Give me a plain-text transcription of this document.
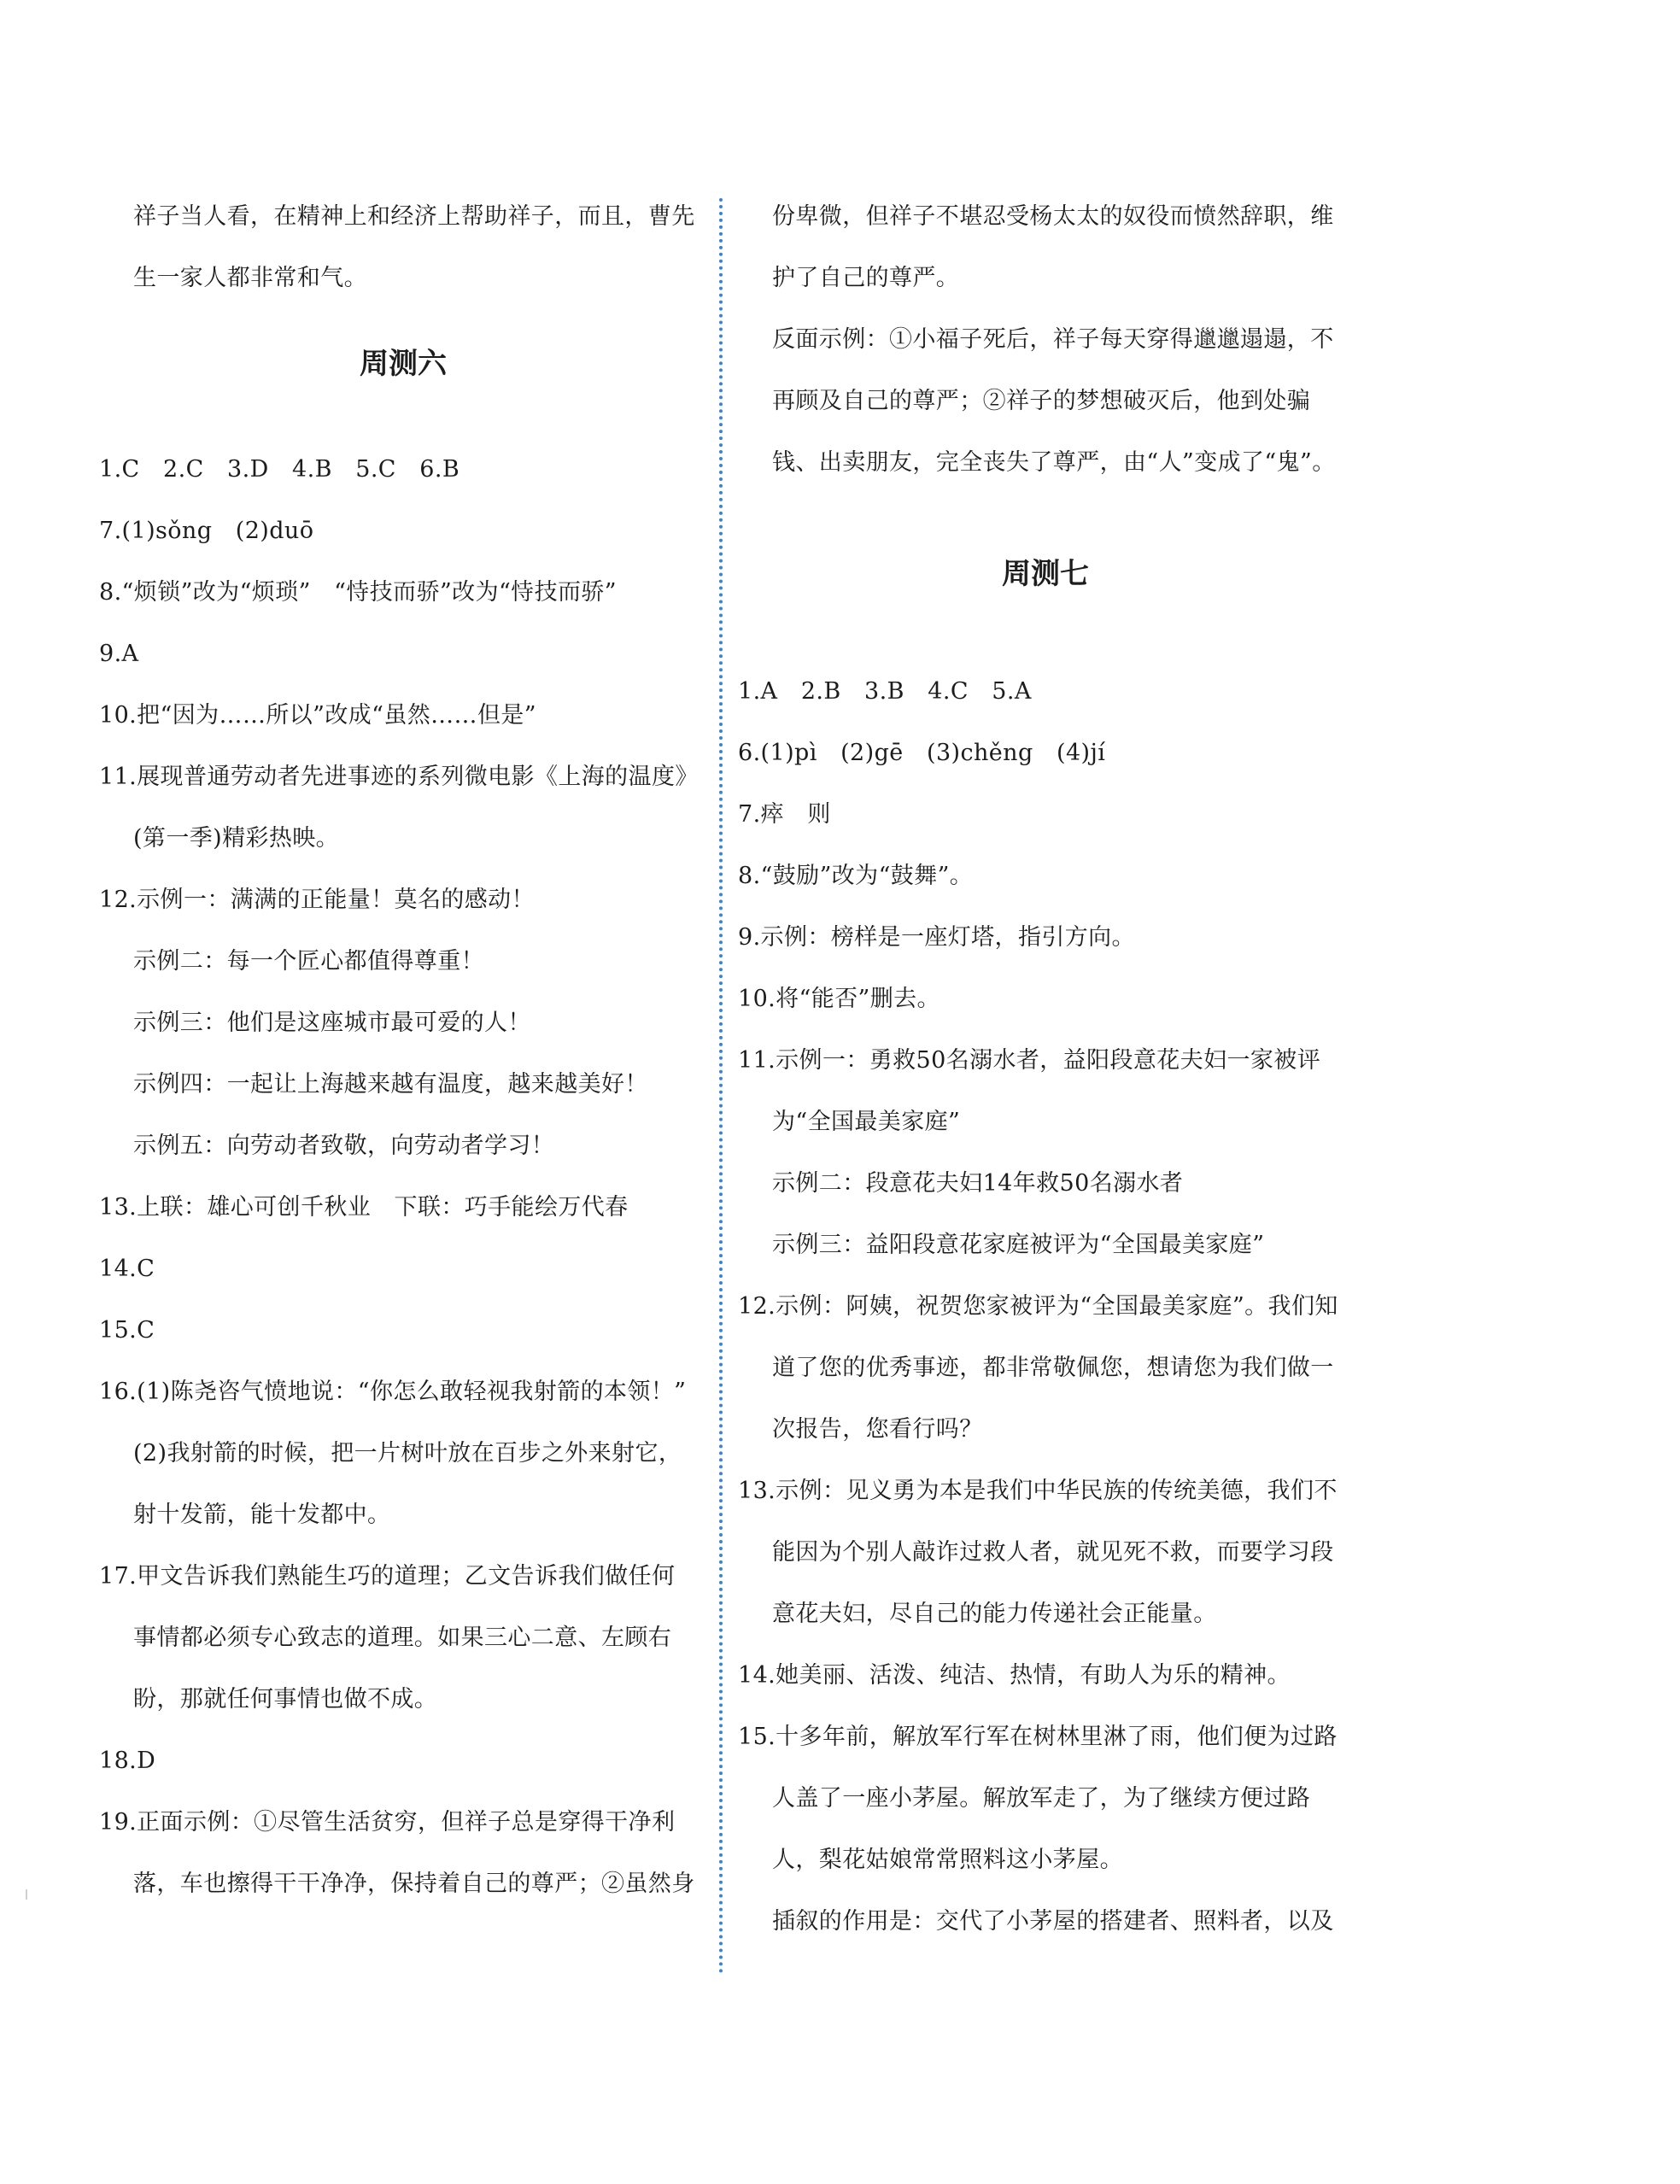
祥子当人看，在精神上和经济上帮助祥子，而且，曹先
生一家人都非常和气。
周测六
1.C　2.C　3.D　4.B　5.C　6.B
7.(1)sǒng　(2)duō
8.“烦锁”改为“烦琐”　“恃技而骄”改为“恃技而骄”
9.A
10.把“因为……所以”改成“虽然……但是”
11.展现普通劳动者先进事迹的系列微电影《上海的温度》
(第一季)精彩热映。
12.示例一：满满的正能量！莫名的感动！
示例二：每一个匠心都值得尊重！
示例三：他们是这座城市最可爱的人！
示例四：一起让上海越来越有温度，越来越美好！
示例五：向劳动者致敬，向劳动者学习！
13.上联：雄心可创千秋业　下联：巧手能绘万代春
14.C
15.C
16.(1)陈尧咨气愤地说：“你怎么敢轻视我射箭的本领！”
(2)我射箭的时候，把一片树叶放在百步之外来射它，
射十发箭，能十发都中。
17.甲文告诉我们熟能生巧的道理；乙文告诉我们做任何
事情都必须专心致志的道理。如果三心二意、左顾右
盼，那就任何事情也做不成。
18.D
19.正面示例：①尽管生活贫穷，但祥子总是穿得干净利
落，车也擦得干干净净，保持着自己的尊严；②虽然身
份卑微，但祥子不堪忍受杨太太的奴役而愤然辞职，维
护了自己的尊严。
反面示例：①小福子死后，祥子每天穿得邋邋遢遢，不
再顾及自己的尊严；②祥子的梦想破灭后，他到处骗
钱、出卖朋友，完全丧失了尊严，由“人”变成了“鬼”。
周测七
1.A　2.B　3.B　4.C　5.A
6.(1)pì　(2)gē　(3)chěng　(4)jí
7.瘁　则
8.“鼓励”改为“鼓舞”。
9.示例：榜样是一座灯塔，指引方向。
10.将“能否”删去。
11.示例一：勇救50名溺水者，益阳段意花夫妇一家被评
为“全国最美家庭”
示例二：段意花夫妇14年救50名溺水者
示例三：益阳段意花家庭被评为“全国最美家庭”
12.示例：阿姨，祝贺您家被评为“全国最美家庭”。我们知
道了您的优秀事迹，都非常敬佩您，想请您为我们做一
次报告，您看行吗？
13.示例：见义勇为本是我们中华民族的传统美德，我们不
能因为个别人敲诈过救人者，就见死不救，而要学习段
意花夫妇，尽自己的能力传递社会正能量。
14.她美丽、活泼、纯洁、热情，有助人为乐的精神。
15.十多年前，解放军行军在树林里淋了雨，他们便为过路
人盖了一座小茅屋。解放军走了，为了继续方便过路
人，梨花姑娘常常照料这小茅屋。
插叙的作用是：交代了小茅屋的搭建者、照料者，以及
